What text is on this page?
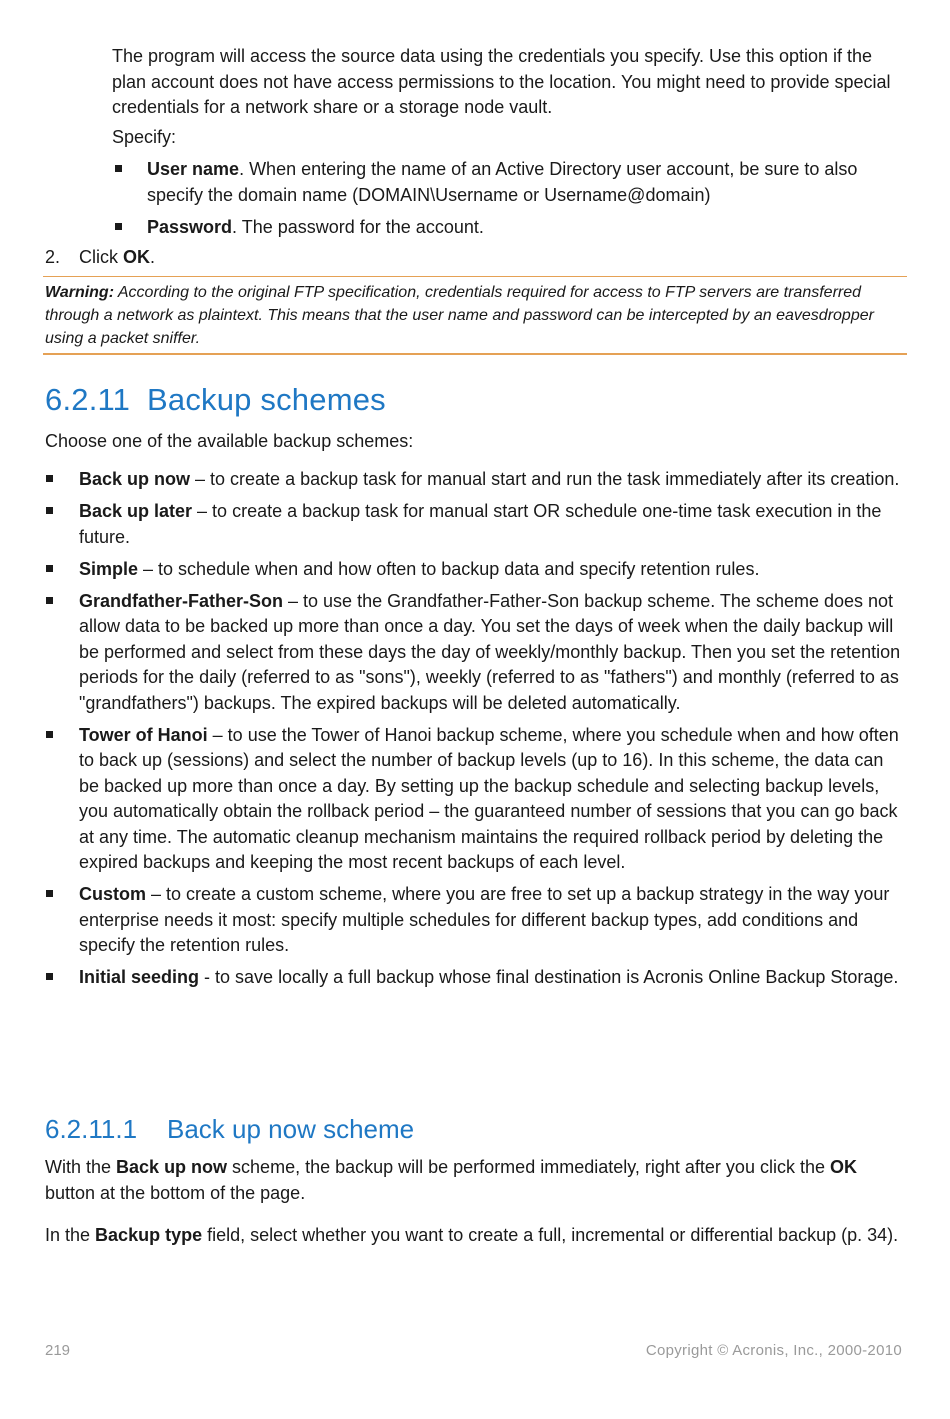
The program will access the source data using the credentials you specify. Use this option if the plan account does not have access permissions to the location. You might need to provide special credentials for a network share or a storage node vault.

Specify:

User name. When entering the name of an Active Directory user account, be sure to also specify the domain name (DOMAIN\Username or Username@domain)
Password. The password for the account.

2. Click OK.

Warning: According to the original FTP specification, credentials required for access to FTP servers are transferred through a network as plaintext. This means that the user name and password can be intercepted by an eavesdropper using a packet sniffer.
6.2.11 Backup schemes

Choose one of the available backup schemes:

Back up now – to create a backup task for manual start and run the task immediately after its creation.
Back up later – to create a backup task for manual start OR schedule one-time task execution in the future.
Simple – to schedule when and how often to backup data and specify retention rules.
Grandfather-Father-Son – to use the Grandfather-Father-Son backup scheme. The scheme does not allow data to be backed up more than once a day. You set the days of week when the daily backup will be performed and select from these days the day of weekly/monthly backup. Then you set the retention periods for the daily (referred to as "sons"), weekly (referred to as "fathers") and monthly (referred to as "grandfathers") backups. The expired backups will be deleted automatically.
Tower of Hanoi – to use the Tower of Hanoi backup scheme, where you schedule when and how often to back up (sessions) and select the number of backup levels (up to 16). In this scheme, the data can be backed up more than once a day. By setting up the backup schedule and selecting backup levels, you automatically obtain the rollback period – the guaranteed number of sessions that you can go back at any time. The automatic cleanup mechanism maintains the required rollback period by deleting the expired backups and keeping the most recent backups of each level.
Custom – to create a custom scheme, where you are free to set up a backup strategy in the way your enterprise needs it most: specify multiple schedules for different backup types, add conditions and specify the retention rules.
Initial seeding - to save locally a full backup whose final destination is Acronis Online Backup Storage.
6.2.11.1 Back up now scheme

With the Back up now scheme, the backup will be performed immediately, right after you click the OK button at the bottom of the page.

In the Backup type field, select whether you want to create a full, incremental or differential backup (p. 34).

219	Copyright © Acronis, Inc., 2000-2010
